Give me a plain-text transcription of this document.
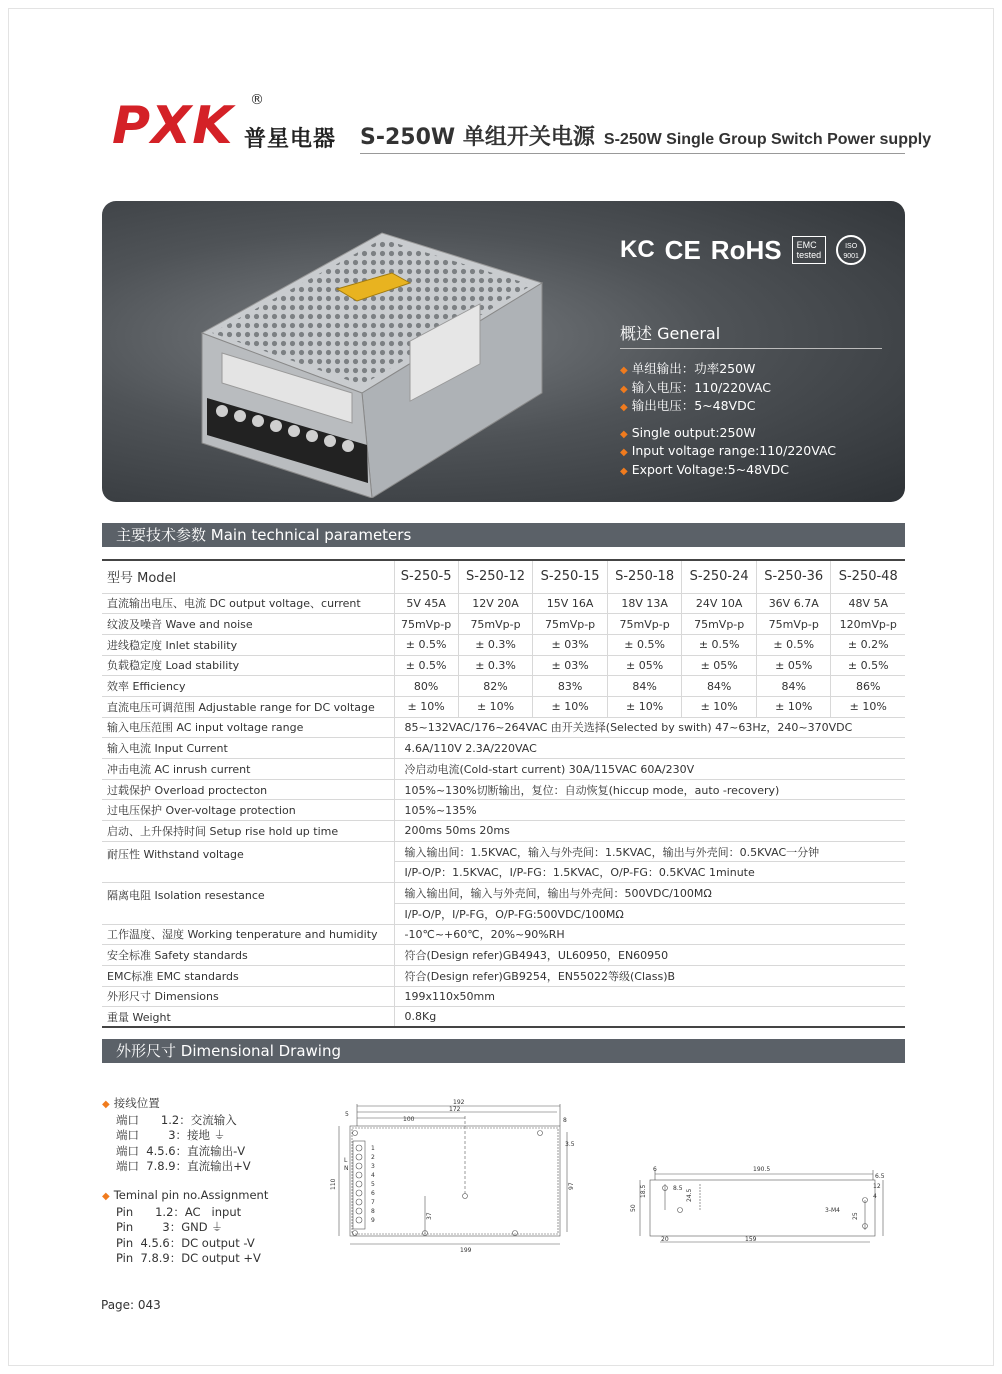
PXK ®
普星电器 S-250W 单组开关电源 S-250W Single Group Switch Power supply
KC CE RoHS	EMC
tested
ISO 9001
概述 General
◆ 单组输出：功率250W
◆ 输入电压：110/220VAC
◆ 输出电压：5~48VDC
◆ Single output:250W
◆ Input voltage range:110/220VAC
◆ Export Voltage:5~48VDC
主要技术参数 Main technical parameters
型号 Model	S-250-5	S-250-12	S-250-15	S-250-18	S-250-24	S-250-36	S-250-48
直流输出电压、电流 DC output voltage、current	5V 45A	12V 20A	15V 16A	18V 13A	24V 10A	36V 6.7A	48V 5A
纹波及噪音 Wave and noise	75mVp-p	75mVp-p	75mVp-p	75mVp-p	75mVp-p	75mVp-p	120mVp-p
进线稳定度 Inlet stability	± 0.5%	± 0.3%	± 03%	± 0.5%	± 0.5%	± 0.5%	± 0.2%
负载稳定度 Load stability	± 0.5%	± 0.3%	± 03%	± 05%	± 05%	± 05%	± 0.5%
效率 Efficiency	80%	82%	83%	84%	84%	84%	86%
直流电压可调范围 Adjustable range for DC voltage	± 10%	± 10%	± 10%	± 10%	± 10%	± 10%	± 10%
输入电压范围 AC input voltage range	85~132VAC/176~264VAC 由开关选择(Selected by swith) 47~63Hz，240~370VDC						
输入电流 Input Current	4.6A/110V 2.3A/220VAC						
冲击电流 AC inrush current	冷启动电流(Cold-start current) 30A/115VAC 60A/230V						
过载保护 Overload proctecton	105%~130%切断输出，复位：自动恢复(hiccup mode，auto -recovery)						
过电压保护 Over-voltage protection	105%~135%						
启动、上升保持时间 Setup rise hold up time	200ms 50ms 20ms						
耐压性 Withstand voltage	输入输出间：1.5KVAC，输入与外壳间：1.5KVAC，输出与外壳间：0.5KVAC一分钟						
	I/P-O/P：1.5KVAC，I/P-FG：1.5KVAC，O/P-FG：0.5KVAC 1minute						
隔离电阻 Isolation resestance	输入输出间，输入与外壳间，输出与外壳间：500VDC/100MΩ						
	I/P-O/P，I/P-FG，O/P-FG:500VDC/100MΩ						
工作温度、湿度 Working tenperature and humidity	-10℃~+60℃，20%~90%RH						
安全标准 Safety standards	符合(Design refer)GB4943，UL60950，EN60950						
EMC标准 EMC standards	符合(Design refer)GB9254，EN55022等级(Class)B						
外形尺寸 Dimensions	199x110x50mm						
重量 Weight	0.8Kg						
外形尺寸 Dimensional Drawing
◆ 接线位置
端口      1.2：交流输入
端口        3：接地 ⏚
端口  4.5.6：直流输出-V
端口  7.8.9：直流输出+V
◆ Teminal pin no.Assignment
Pin      1.2：AC   input
Pin        3：GND ⏚
Pin  4.5.6：DC output -V
Pin  7.8.9：DC output +V
192
172
100
110	97
37
199
8
3.5
5
1
2
3
4
5
6
7
8
9
L
N	190.5
6
18.5	24.5
8.5
159
20
50
25
12
4
6.5
3-M4
Page: 043
